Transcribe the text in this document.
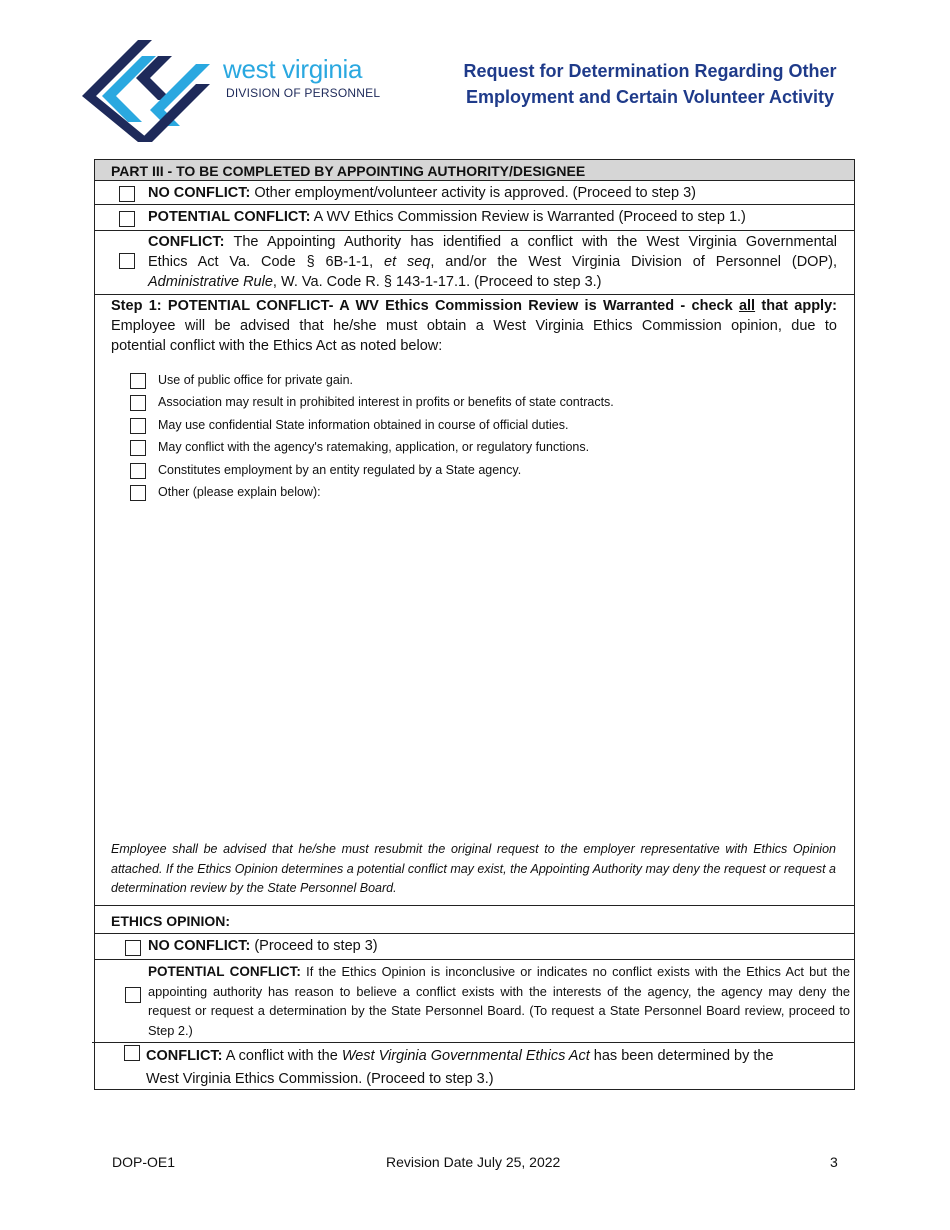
west virginia
DIVISION OF PERSONNEL
Request for Determination Regarding Other
Employment and Certain Volunteer Activity
PART III - TO BE COMPLETED BY APPOINTING AUTHORITY/DESIGNEE
NO CONFLICT: Other employment/volunteer activity is approved. (Proceed to step 3)
POTENTIAL CONFLICT: A WV Ethics Commission Review is Warranted (Proceed to step 1.)
CONFLICT: The Appointing Authority has identified a conflict with the West Virginia Governmental
Ethics Act Va. Code § 6B-1-1, et seq, and/or the West Virginia Division of Personnel (DOP),
Administrative Rule, W. Va. Code R. § 143-1-17.1. (Proceed to step 3.)
Step 1: POTENTIAL CONFLICT- A WV Ethics Commission Review is Warranted - check all that apply:
Employee will be advised that he/she must obtain a West Virginia Ethics Commission opinion, due to
potential conflict with the Ethics Act as noted below:
Use of public office for private gain.
Association may result in prohibited interest in profits or benefits of state contracts.
May use confidential State information obtained in course of official duties.
May conflict with the agency's ratemaking, application, or regulatory functions.
Constitutes employment by an entity regulated by a State agency.
Other (please explain below):
Employee shall be advised that he/she must resubmit the original request to the employer representative with Ethics Opinion attached. If the Ethics Opinion determines a potential conflict may exist, the Appointing Authority may deny the request or request a determination review by the State Personnel Board.
ETHICS OPINION:
NO CONFLICT: (Proceed to step 3)
POTENTIAL CONFLICT: If the Ethics Opinion is inconclusive or indicates no conflict exists with the Ethics Act but the appointing authority has reason to believe a conflict exists with the interests of the agency, the agency may deny the request or request a determination by the State Personnel Board. (To request a State Personnel Board review, proceed to Step 2.)
CONFLICT: A conflict with the West Virginia Governmental Ethics Act has been determined by the
West Virginia Ethics Commission. (Proceed to step 3.)
DOP-OE1	Revision Date July 25, 2022	3
